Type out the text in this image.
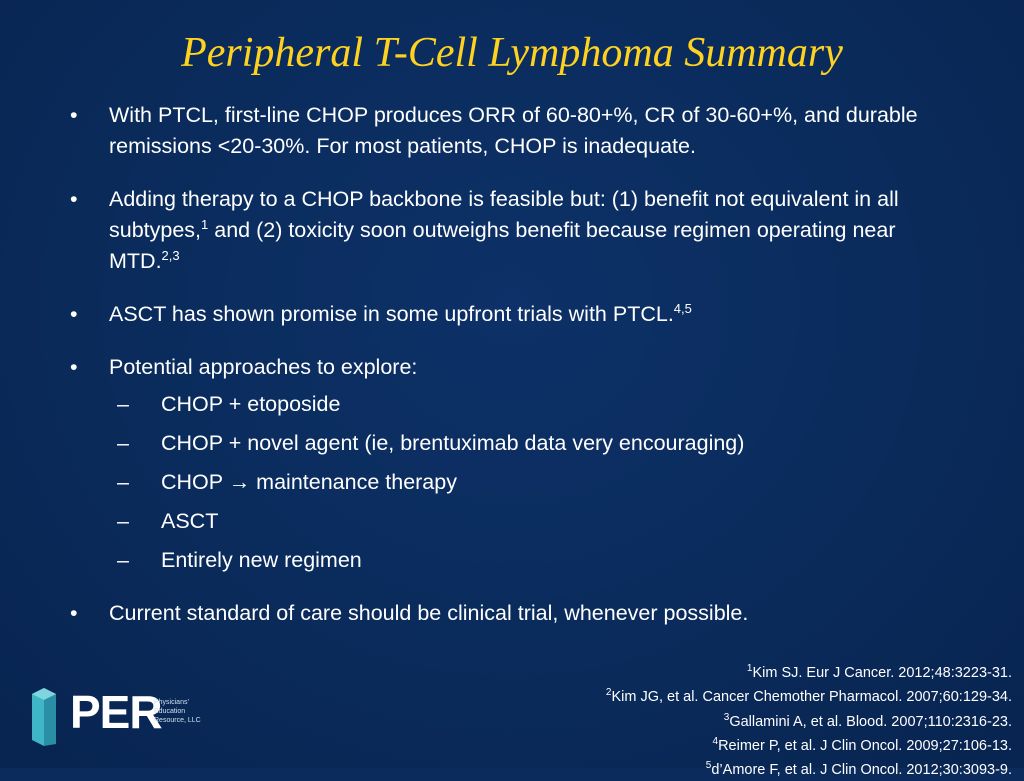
Peripheral T-Cell Lymphoma Summary
• With PTCL, first-line CHOP produces ORR of 60-80+%, CR of 30-60+%, and durable remissions <20-30%. For most patients, CHOP is inadequate.
• Adding therapy to a CHOP backbone is feasible but: (1) benefit not equivalent in all subtypes,$^1$ and (2) toxicity soon outweighs benefit because regimen operating near MTD.$^{2,3}$
• ASCT has shown promise in some upfront trials with PTCL.$^{4,5}$
• Potential approaches to explore:
– CHOP + etoposide
– CHOP + novel agent (ie, brentuximab data very encouraging)
– CHOP → maintenance therapy
– ASCT
– Entirely new regimen
• Current standard of care should be clinical trial, whenever possible.
$^1$Kim SJ. Eur J Cancer. 2012;48:3223-31.
$^2$Kim JG, et al. Cancer Chemother Pharmacol. 2007;60:129-34.
$^3$Gallamini A, et al. Blood. 2007;110:2316-23.
$^4$Reimer P, et al. J Clin Oncol. 2009;27:106-13.
$^5$d’Amore F, et al. J Clin Oncol. 2012;30:3093-9.
PER
Physicians’
Education
Resource, LLC
